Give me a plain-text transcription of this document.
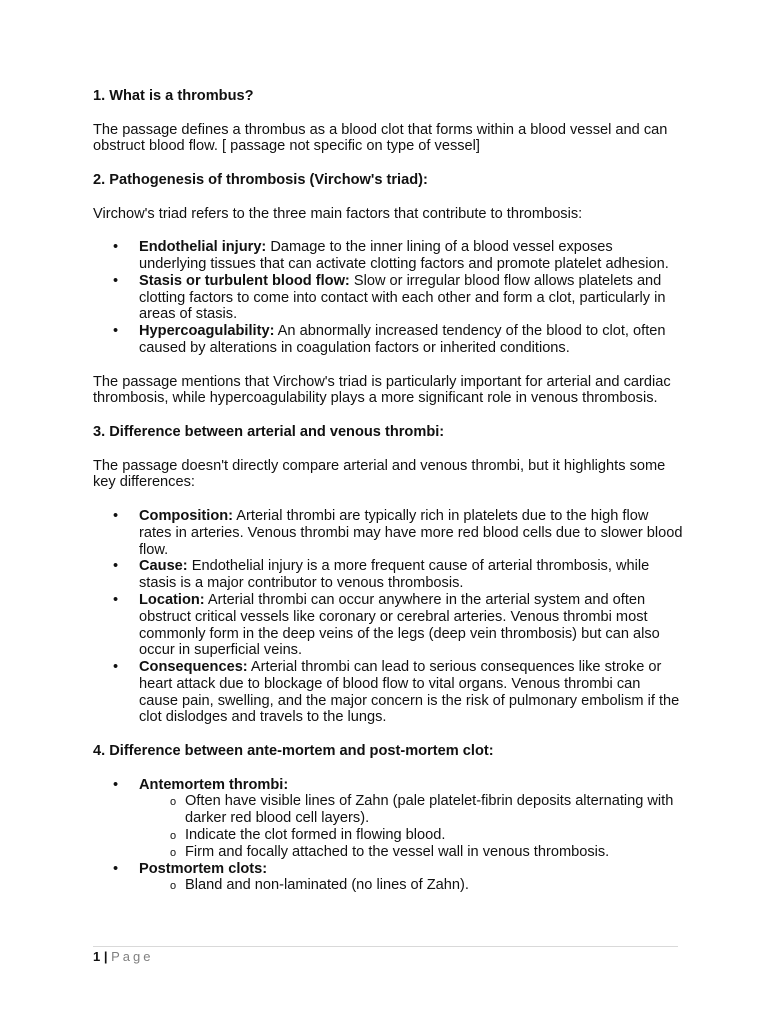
1. What is a thrombus?

The passage defines a thrombus as a blood clot that forms within a blood vessel and can obstruct blood flow. [ passage not specific on type of vessel]

2. Pathogenesis of thrombosis (Virchow's triad):

Virchow's triad refers to the three main factors that contribute to thrombosis:

• Endothelial injury: Damage to the inner lining of a blood vessel exposes underlying tissues that can activate clotting factors and promote platelet adhesion.
• Stasis or turbulent blood flow: Slow or irregular blood flow allows platelets and clotting factors to come into contact with each other and form a clot, particularly in areas of stasis.
• Hypercoagulability: An abnormally increased tendency of the blood to clot, often caused by alterations in coagulation factors or inherited conditions.

The passage mentions that Virchow's triad is particularly important for arterial and cardiac thrombosis, while hypercoagulability plays a more significant role in venous thrombosis.

3. Difference between arterial and venous thrombi:

The passage doesn't directly compare arterial and venous thrombi, but it highlights some key differences:

• Composition: Arterial thrombi are typically rich in platelets due to the high flow rates in arteries. Venous thrombi may have more red blood cells due to slower blood flow.
• Cause: Endothelial injury is a more frequent cause of arterial thrombosis, while stasis is a major contributor to venous thrombosis.
• Location: Arterial thrombi can occur anywhere in the arterial system and often obstruct critical vessels like coronary or cerebral arteries. Venous thrombi most commonly form in the deep veins of the legs (deep vein thrombosis) but can also occur in superficial veins.
• Consequences: Arterial thrombi can lead to serious consequences like stroke or heart attack due to blockage of blood flow to vital organs. Venous thrombi can cause pain, swelling, and the major concern is the risk of pulmonary embolism if the clot dislodges and travels to the lungs.
4. Difference between ante-mortem and post-mortem clot:
• Antemortem thrombi:
o Often have visible lines of Zahn (pale platelet-fibrin deposits alternating with darker red blood cell layers).
o Indicate the clot formed in flowing blood.
o Firm and focally attached to the vessel wall in venous thrombosis.
• Postmortem clots:
o Bland and non-laminated (no lines of Zahn).
1 | Page
